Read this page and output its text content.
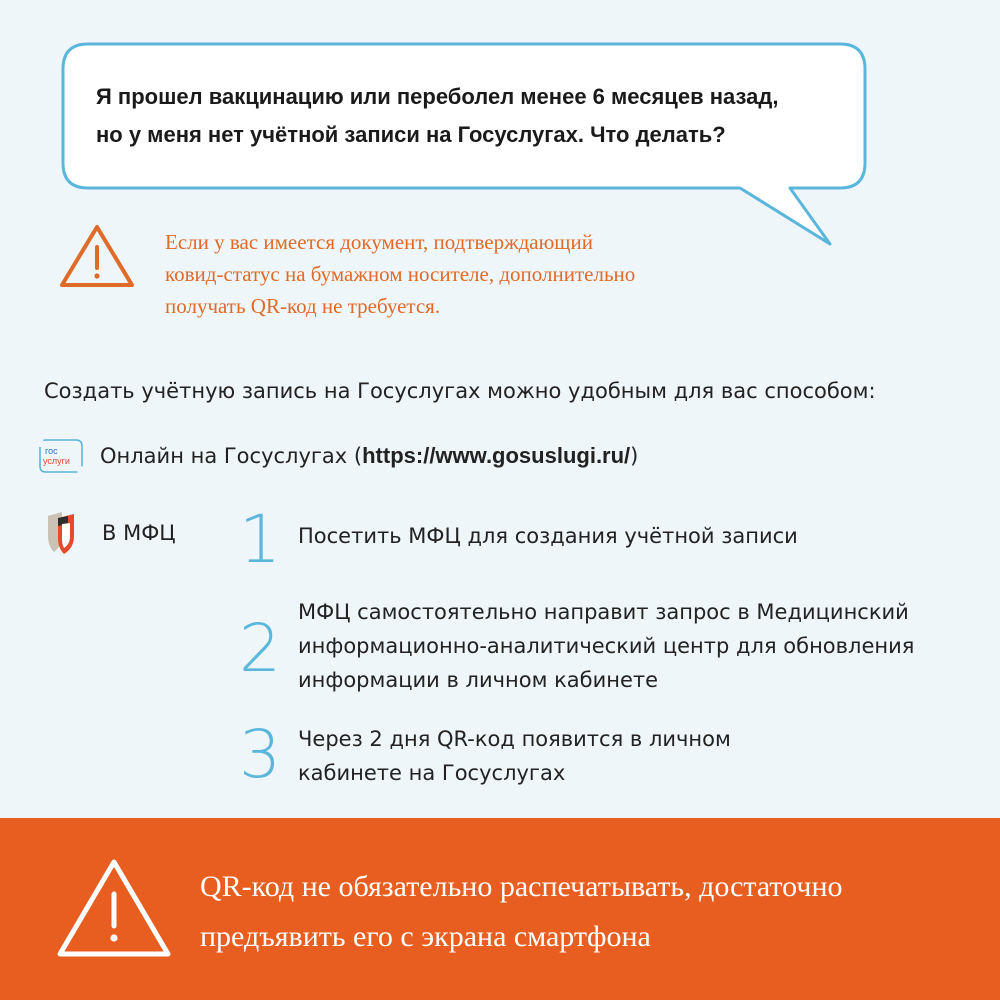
Я прошел вакцинацию или переболел менее 6 месяцев назад,
но у меня нет учётной записи на Госуслугах. Что делать?
Если у вас имеется документ, подтверждающий
ковид-статус на бумажном носителе, дополнительно
получать QR-код не требуется.
Создать учётную запись на Госуслугах можно удобным для вас способом:
гос
услуги Онлайн на Госуслугах (https://www.gosuslugi.ru/)
В МФЦ 1 Посетить МФЦ для создания учётной записи
2 МФЦ самостоятельно направит запрос в Медицинский
информационно-аналитический центр для обновления
информации в личном кабинете
3 Через 2 дня QR-код появится в личном
кабинете на Госуслугах
QR-код не обязательно распечатывать, достаточно
предъявить его с экрана смартфона
